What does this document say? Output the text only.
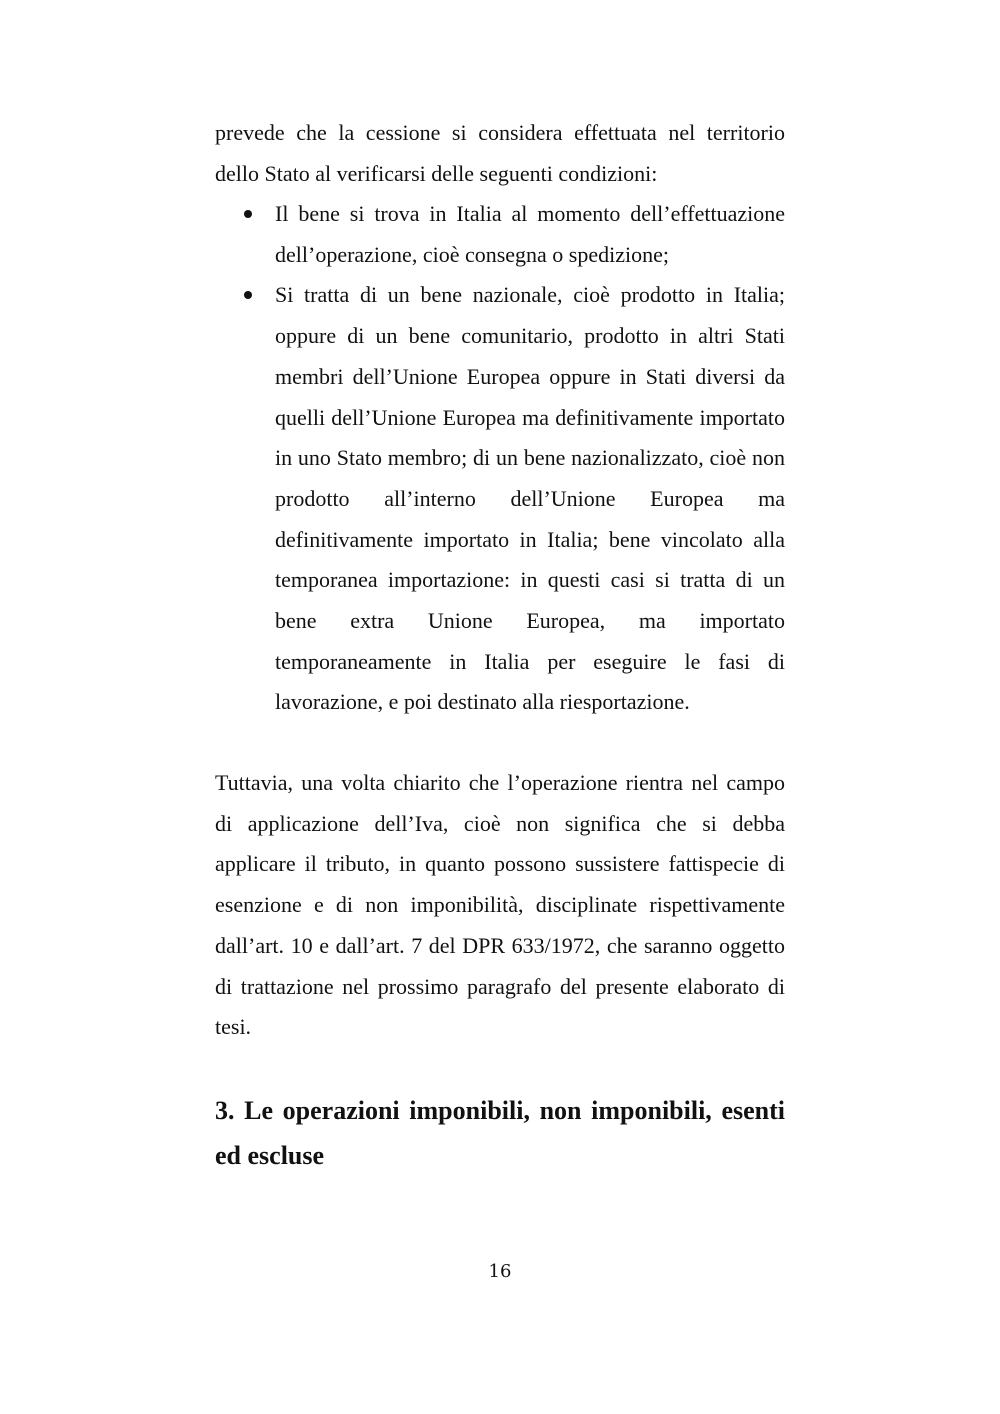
prevede che la cessione si considera effettuata nel territorio dello Stato al verificarsi delle seguenti condizioni:

Il bene si trova in Italia al momento dell’effettuazione dell’operazione, cioè consegna o spedizione;
Si tratta di un bene nazionale, cioè prodotto in Italia; oppure di un bene comunitario, prodotto in altri Stati membri dell’Unione Europea oppure in Stati diversi da quelli dell’Unione Europea ma definitivamente importato in uno Stato membro; di un bene nazionalizzato, cioè non prodotto all’interno dell’Unione Europea ma definitivamente importato in Italia; bene vincolato alla temporanea importazione: in questi casi si tratta di un bene extra Unione Europea, ma importato temporaneamente in Italia per eseguire le fasi di lavorazione, e poi destinato alla riesportazione.

Tuttavia, una volta chiarito che l’operazione rientra nel campo di applicazione dell’Iva, cioè non significa che si debba applicare il tributo, in quanto possono sussistere fattispecie di esenzione e di non imponibilità, disciplinate rispettivamente dall’art. 10 e dall’art. 7 del DPR 633/1972, che saranno oggetto di trattazione nel prossimo paragrafo del presente elaborato di tesi.

3. Le operazioni imponibili, non imponibili, esenti ed escluse
16
